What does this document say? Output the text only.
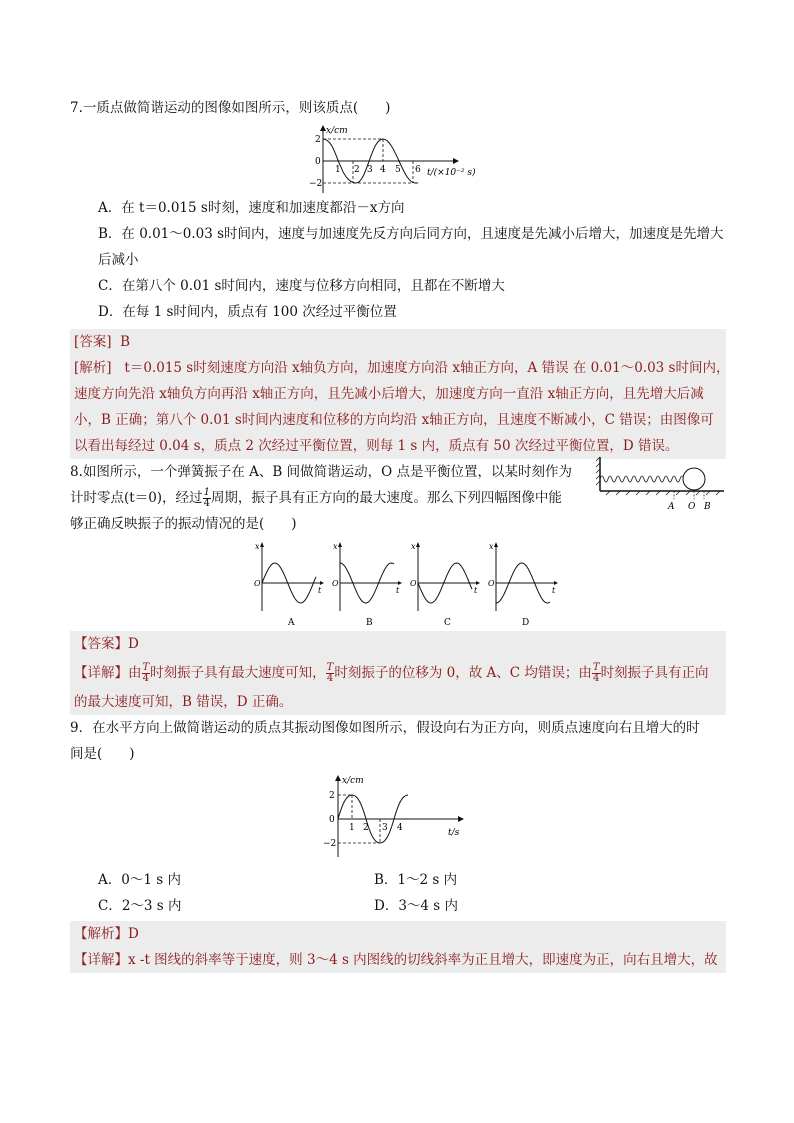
7.一质点做简谐运动的图像如图所示，则该质点(　　)
x/cm
2
0
−2
1 2 3 4 5 6 t/(×10⁻² s)
A．在 t＝0.015 s时刻，速度和加速度都沿－x方向
B．在 0.01～0.03 s时间内，速度与加速度先反方向后同方向，且速度是先减小后增大，加速度是先增大后减小
C．在第八个 0.01 s时间内，速度与位移方向相同，且都在不断增大
D．在每 1 s时间内，质点有 100 次经过平衡位置
[答案] B
[解析] t＝0.015 s时刻速度方向沿 x轴负方向，加速度方向沿 x轴正方向，A 错误 在 0.01～0.03 s时间内，
速度方向先沿 x轴负方向再沿 x轴正方向，且先减小后增大，加速度方向一直沿 x轴正方向，且先增大后减
小，B 正确；第八个 0.01 s时间内速度和位移的方向均沿 x轴正方向，且速度不断减小，C 错误；由图像可
以看出每经过 0.04 s，质点 2 次经过平衡位置，则每 1 s 内，质点有 50 次经过平衡位置，D 错误。
8.如图所示，一个弹簧振子在 A、B 间做简谐运动，O 点是平衡位置，以某时刻作为
计时零点(t＝0)，经过 $\frac{1}{4}$ 周期，振子具有正方向的最大速度。那么下列四幅图像中能
够正确反映振子的振动情况的是(　　)
A O B
x
O
t
A
x
O
t
B
x
O
t
C
x
O
t
D
【答案】D
【详解】由 $\frac{T}{4}$ 时刻振子具有最大速度可知， $\frac{T}{4}$ 时刻振子的位移为 0，故 A、C 均错误；由 $\frac{T}{4}$ 时刻振子具有正向
的最大速度可知，B 错误，D 正确。
9．在水平方向上做简谐运动的质点其振动图像如图所示，假设向右为正方向，则质点速度向右且增大的时
间是(　　)
x/cm
2
0
−2
1 2 3 4	t/s
A．0～1 s 内	B．1～2 s 内
C．2～3 s 内	D．3～4 s 内
【解析】D
【详解】x -t 图线的斜率等于速度，则 3～4 s 内图线的切线斜率为正且增大，即速度为正，向右且增大，故
